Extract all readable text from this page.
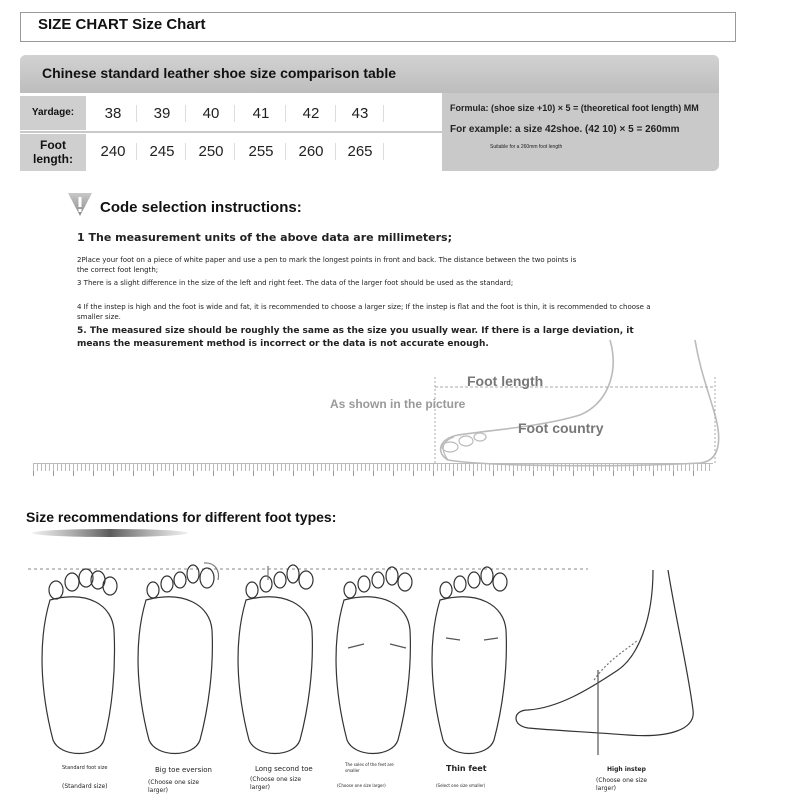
SIZE CHART Size Chart
Chinese standard leather shoe size comparison table
Yardage:
Foot
length:
38	39	40	41	42	43
240	245	250	255	260	265
Formula: (shoe size +10) × 5 = (theoretical foot length) MM
For example: a size 42shoe. (42 10) × 5 = 260mm
Suitable for a 260mm foot length
Code selection instructions:
1 The measurement units of the above data are millimeters;
2Place your foot on a piece of white paper and use a pen to mark the longest points in front and back. The distance between the two points is the correct foot length;
3 There is a slight difference in the size of the left and right feet. The data of the larger foot should be used as the standard;
4 If the instep is high and the foot is wide and fat, it is recommended to choose a larger size; If the instep is flat and the foot is thin, it is recommended to choose a smaller size.
5. The measured size should be roughly the same as the size you usually wear. If there is a large deviation, it means the measurement method is incorrect or the data is not accurate enough.
Foot length
As shown in the picture
Foot country
Size recommendations for different foot types:
Standard foot size
(Standard size)
Big toe eversion
(Choose one size larger)
Long second toe
(Choose one size larger)
The soles of the feet are smaller
(Choose one size larger)
Thin feet
(Select one size smaller)
High instep
(Choose one size larger)
